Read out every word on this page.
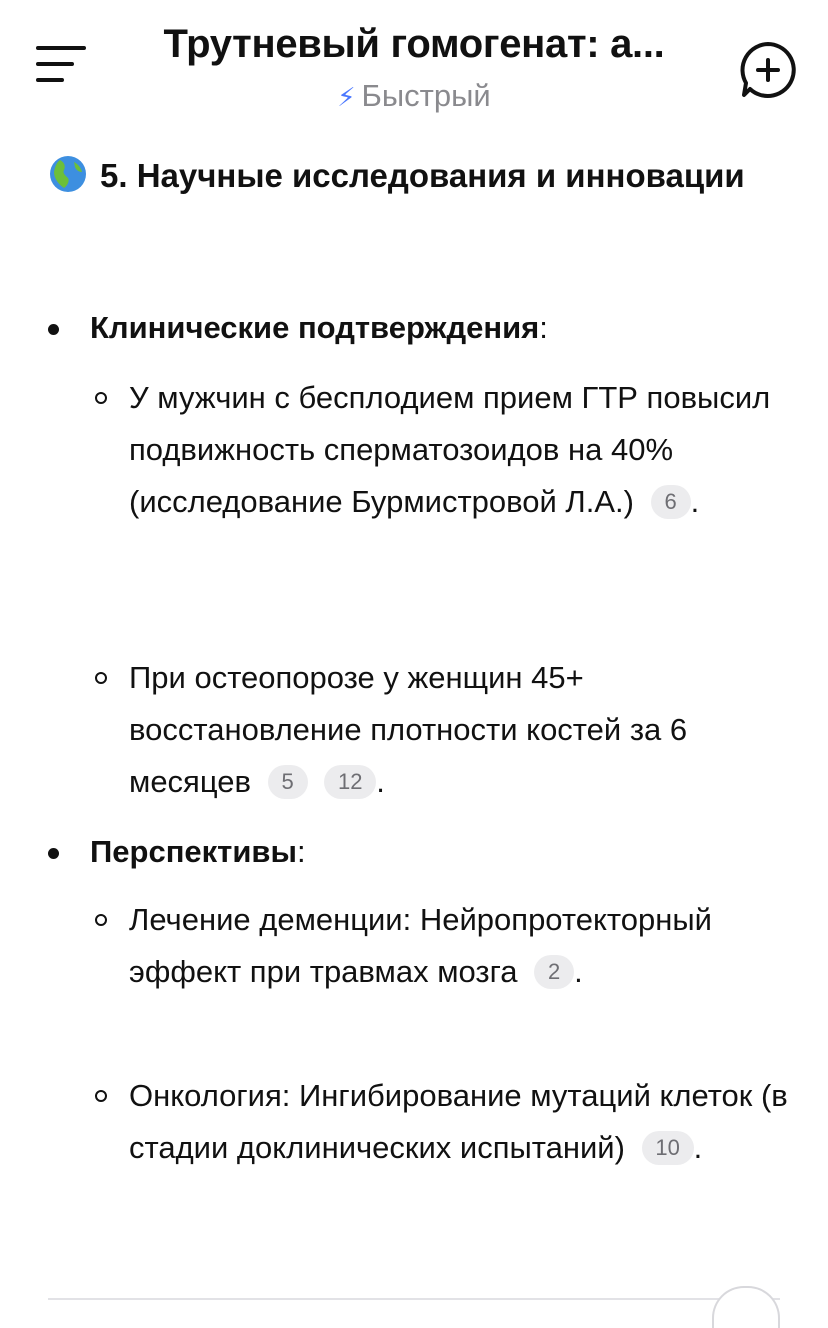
Трутневый гомогенат: а...
⚡︎ Быстрый
5. Научные исследования и инновации
Клинические подтверждения:
У мужчин с бесплодием прием ГТР повысил подвижность сперматозоидов на 40% (исследование Бурмистровой Л.А.) 6 .
При остеопорозе у женщин 45+ восстановление плотности костей за 6 месяцев 5 12 .
Перспективы:
Лечение деменции: Нейропротекторный эффект при травмах мозга 2 .
Онкология: Ингибирование мутаций клеток (в стадии доклинических испытаний) 10 .
